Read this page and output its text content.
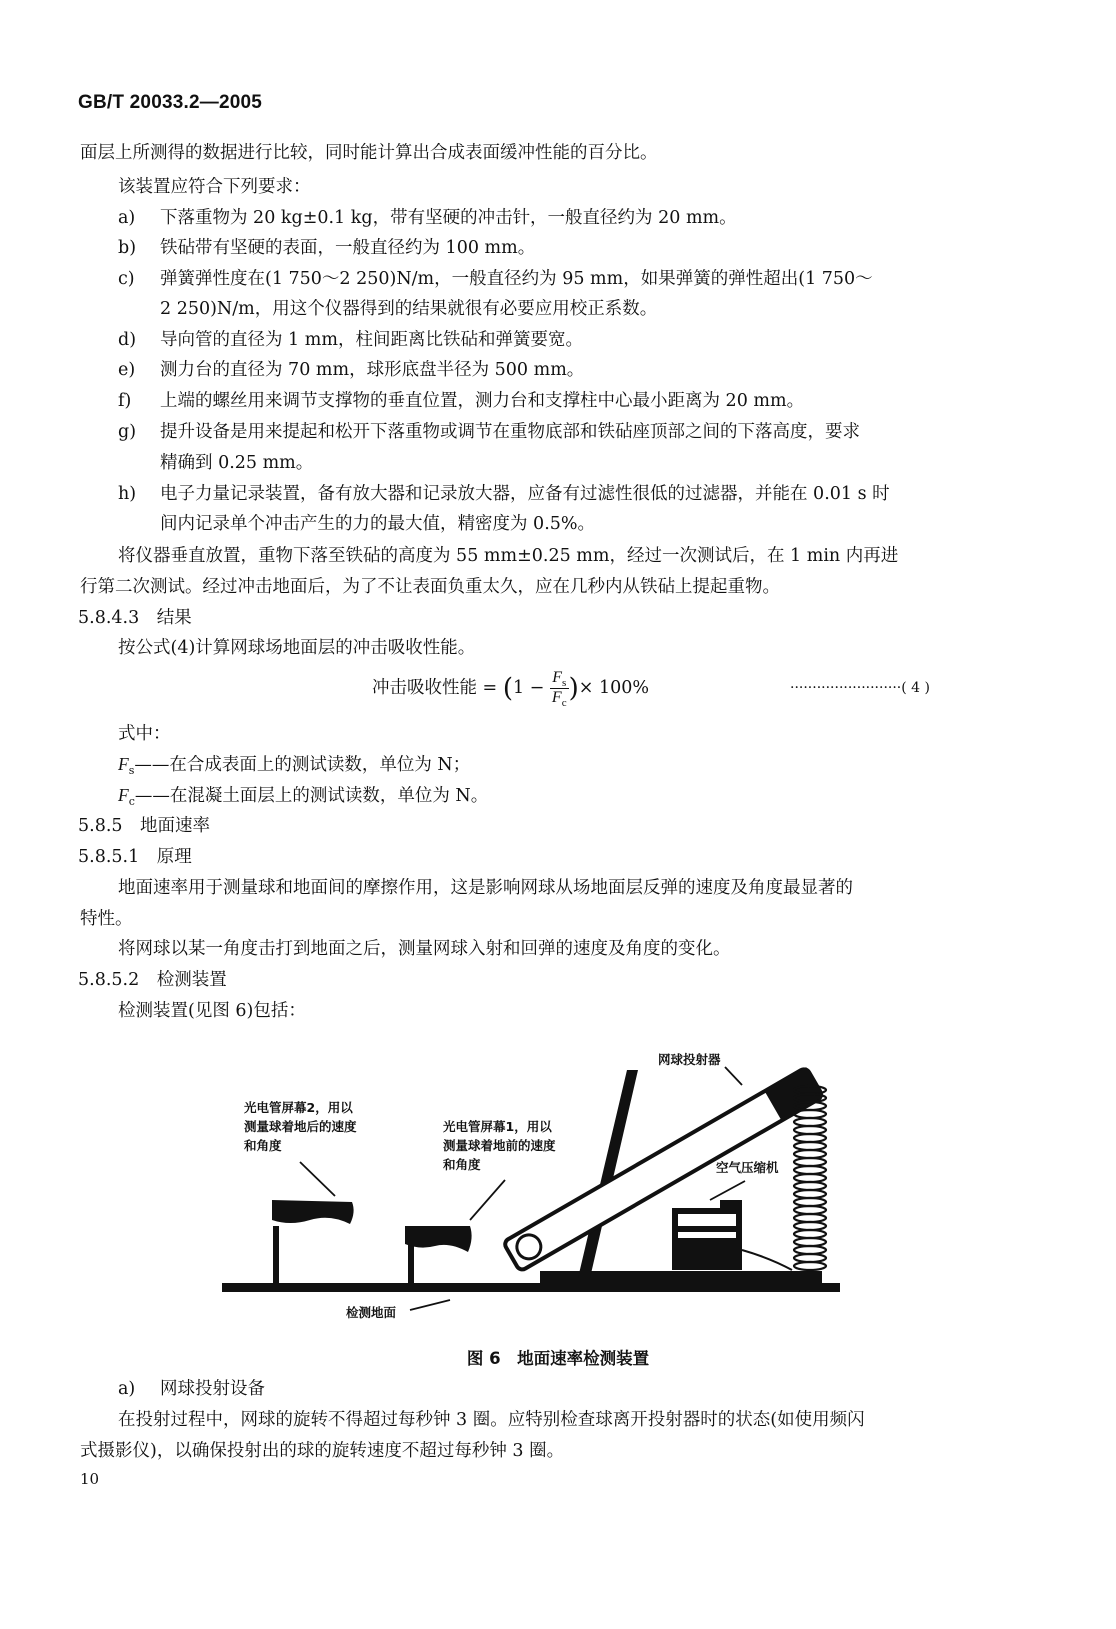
GB/T 20033.2—2005
面层上所测得的数据进行比较，同时能计算出合成表面缓冲性能的百分比。
该装置应符合下列要求：
a) 下落重物为 20 kg±0.1 kg，带有坚硬的冲击针，一般直径约为 20 mm。
b) 铁砧带有坚硬的表面，一般直径约为 100 mm。
c) 弹簧弹性度在(1 750～2 250)N/m，一般直径约为 95 mm，如果弹簧的弹性超出(1 750～
2 250)N/m，用这个仪器得到的结果就很有必要应用校正系数。
d) 导向管的直径为 1 mm，柱间距离比铁砧和弹簧要宽。
e) 测力台的直径为 70 mm，球形底盘半径为 500 mm。
f) 上端的螺丝用来调节支撑物的垂直位置，测力台和支撑柱中心最小距离为 20 mm。
g) 提升设备是用来提起和松开下落重物或调节在重物底部和铁砧座顶部之间的下落高度，要求
精确到 0.25 mm。
h) 电子力量记录装置，备有放大器和记录放大器，应备有过滤性很低的过滤器，并能在 0.01 s 时
间内记录单个冲击产生的力的最大值，精密度为 0.5%。
将仪器垂直放置，重物下落至铁砧的高度为 55 mm±0.25 mm，经过一次测试后，在 1 min 内再进
行第二次测试。经过冲击地面后，为了不让表面负重太久，应在几秒内从铁砧上提起重物。
5.8.4.3　结果
按公式(4)计算网球场地面层的冲击吸收性能。
冲击吸收性能 = ($1 - \frac{F_s}{F_c}$ )× 100%	·························( 4 )
式中：
$F_s——$在合成表面上的测试读数，单位为 N；
$F_c——$在混凝土面层上的测试读数，单位为 N。
5.8.5　地面速率
5.8.5.1　原理
地面速率用于测量球和地面间的摩擦作用，这是影响网球从场地面层反弹的速度及角度最显著的
特性。
将网球以某一角度击打到地面之后，测量网球入射和回弹的速度及角度的变化。
5.8.5.2　检测装置
检测装置(见图 6)包括：
网球投射器
光电管屏幕2，用以
测量球着地后的速度
和角度
光电管屏幕1，用以
测量球着地前的速度
和角度	空气压缩机
检测地面
图 6　地面速率检测装置
a) 网球投射设备
在投射过程中，网球的旋转不得超过每秒钟 3 圈。应特别检查球离开投射器时的状态(如使用频闪
式摄影仪)，以确保投射出的球的旋转速度不超过每秒钟 3 圈。
10
